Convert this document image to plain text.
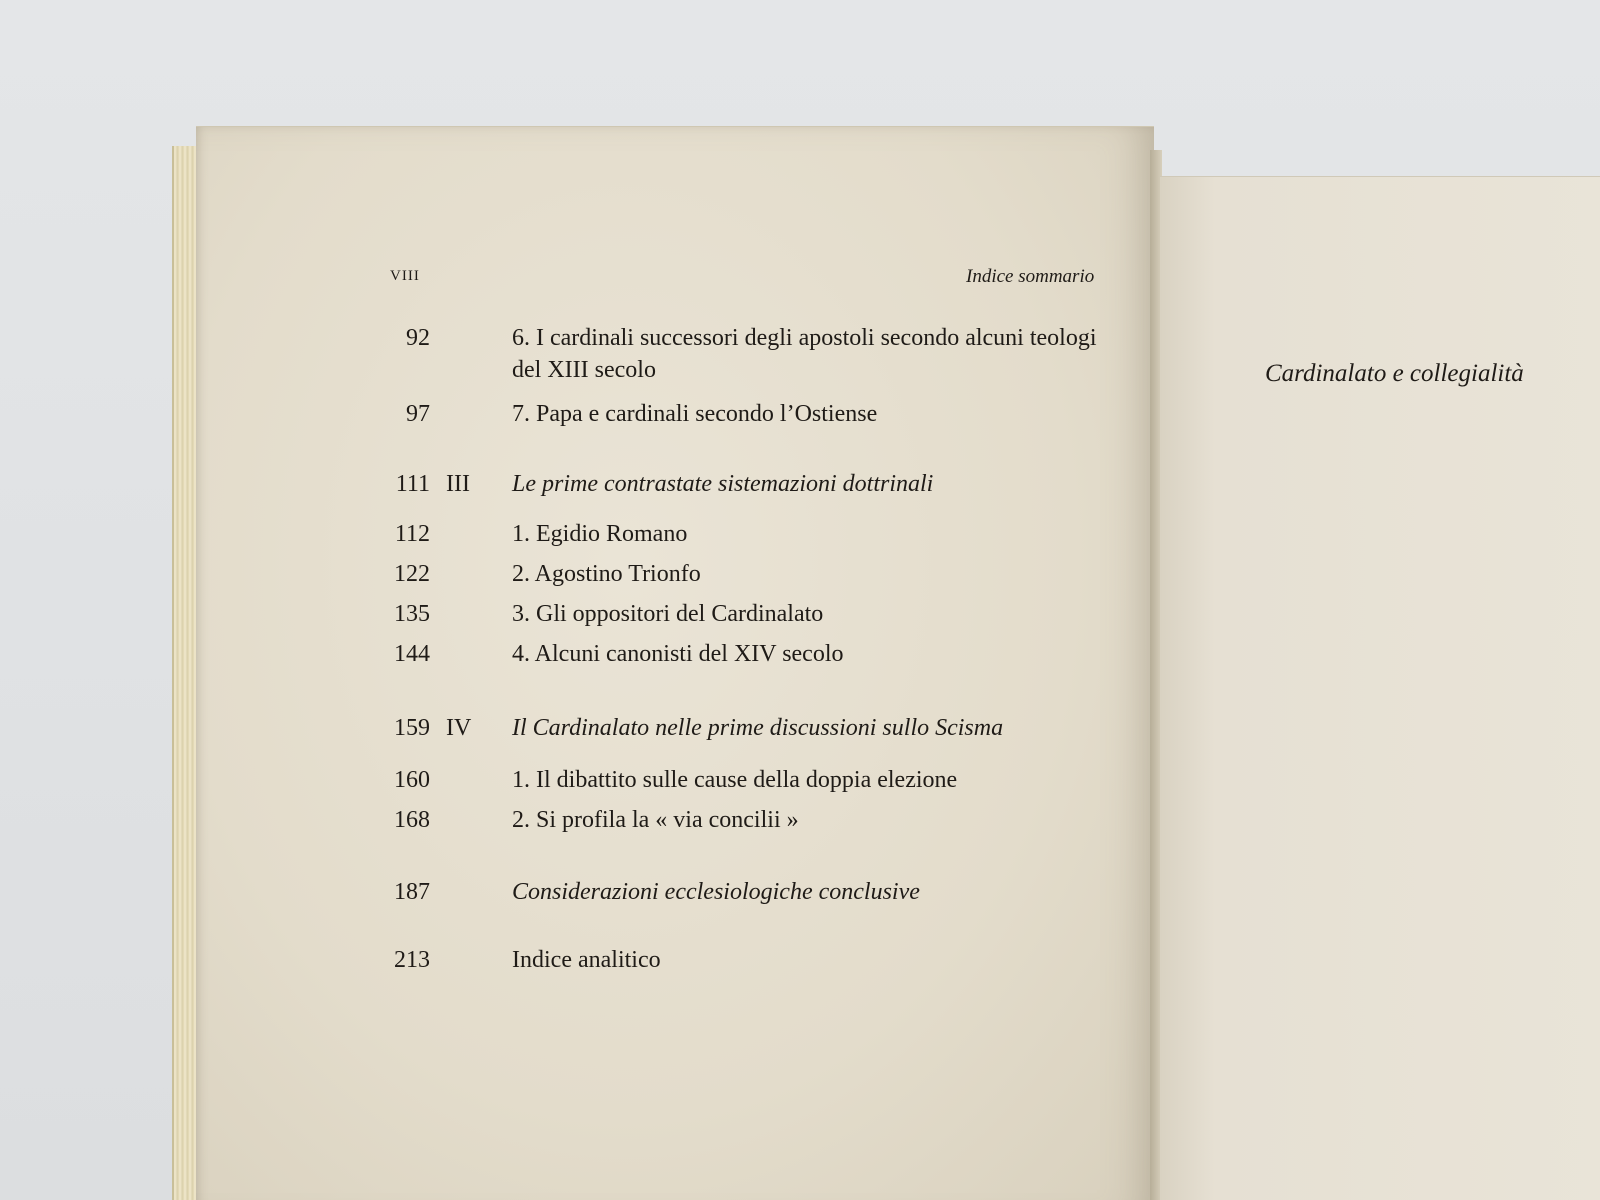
VIII	Indice sommario
92	6. I cardinali successori degli apostoli secondo alcuni teologi del XIII secolo
97	7. Papa e cardinali secondo l’Ostiense
111 III	Le prime contrastate sistemazioni dottrinali
112	1. Egidio Romano
122	2. Agostino Trionfo
135	3. Gli oppositori del Cardinalato
144	4. Alcuni canonisti del XIV secolo
159 IV	Il Cardinalato nelle prime discussioni sullo Scisma
160	1. Il dibattito sulle cause della doppia elezione
168	2. Si profila la « via concilii »
187	Considerazioni ecclesiologiche conclusive
213	Indice analitico
Cardinalato e collegialità
